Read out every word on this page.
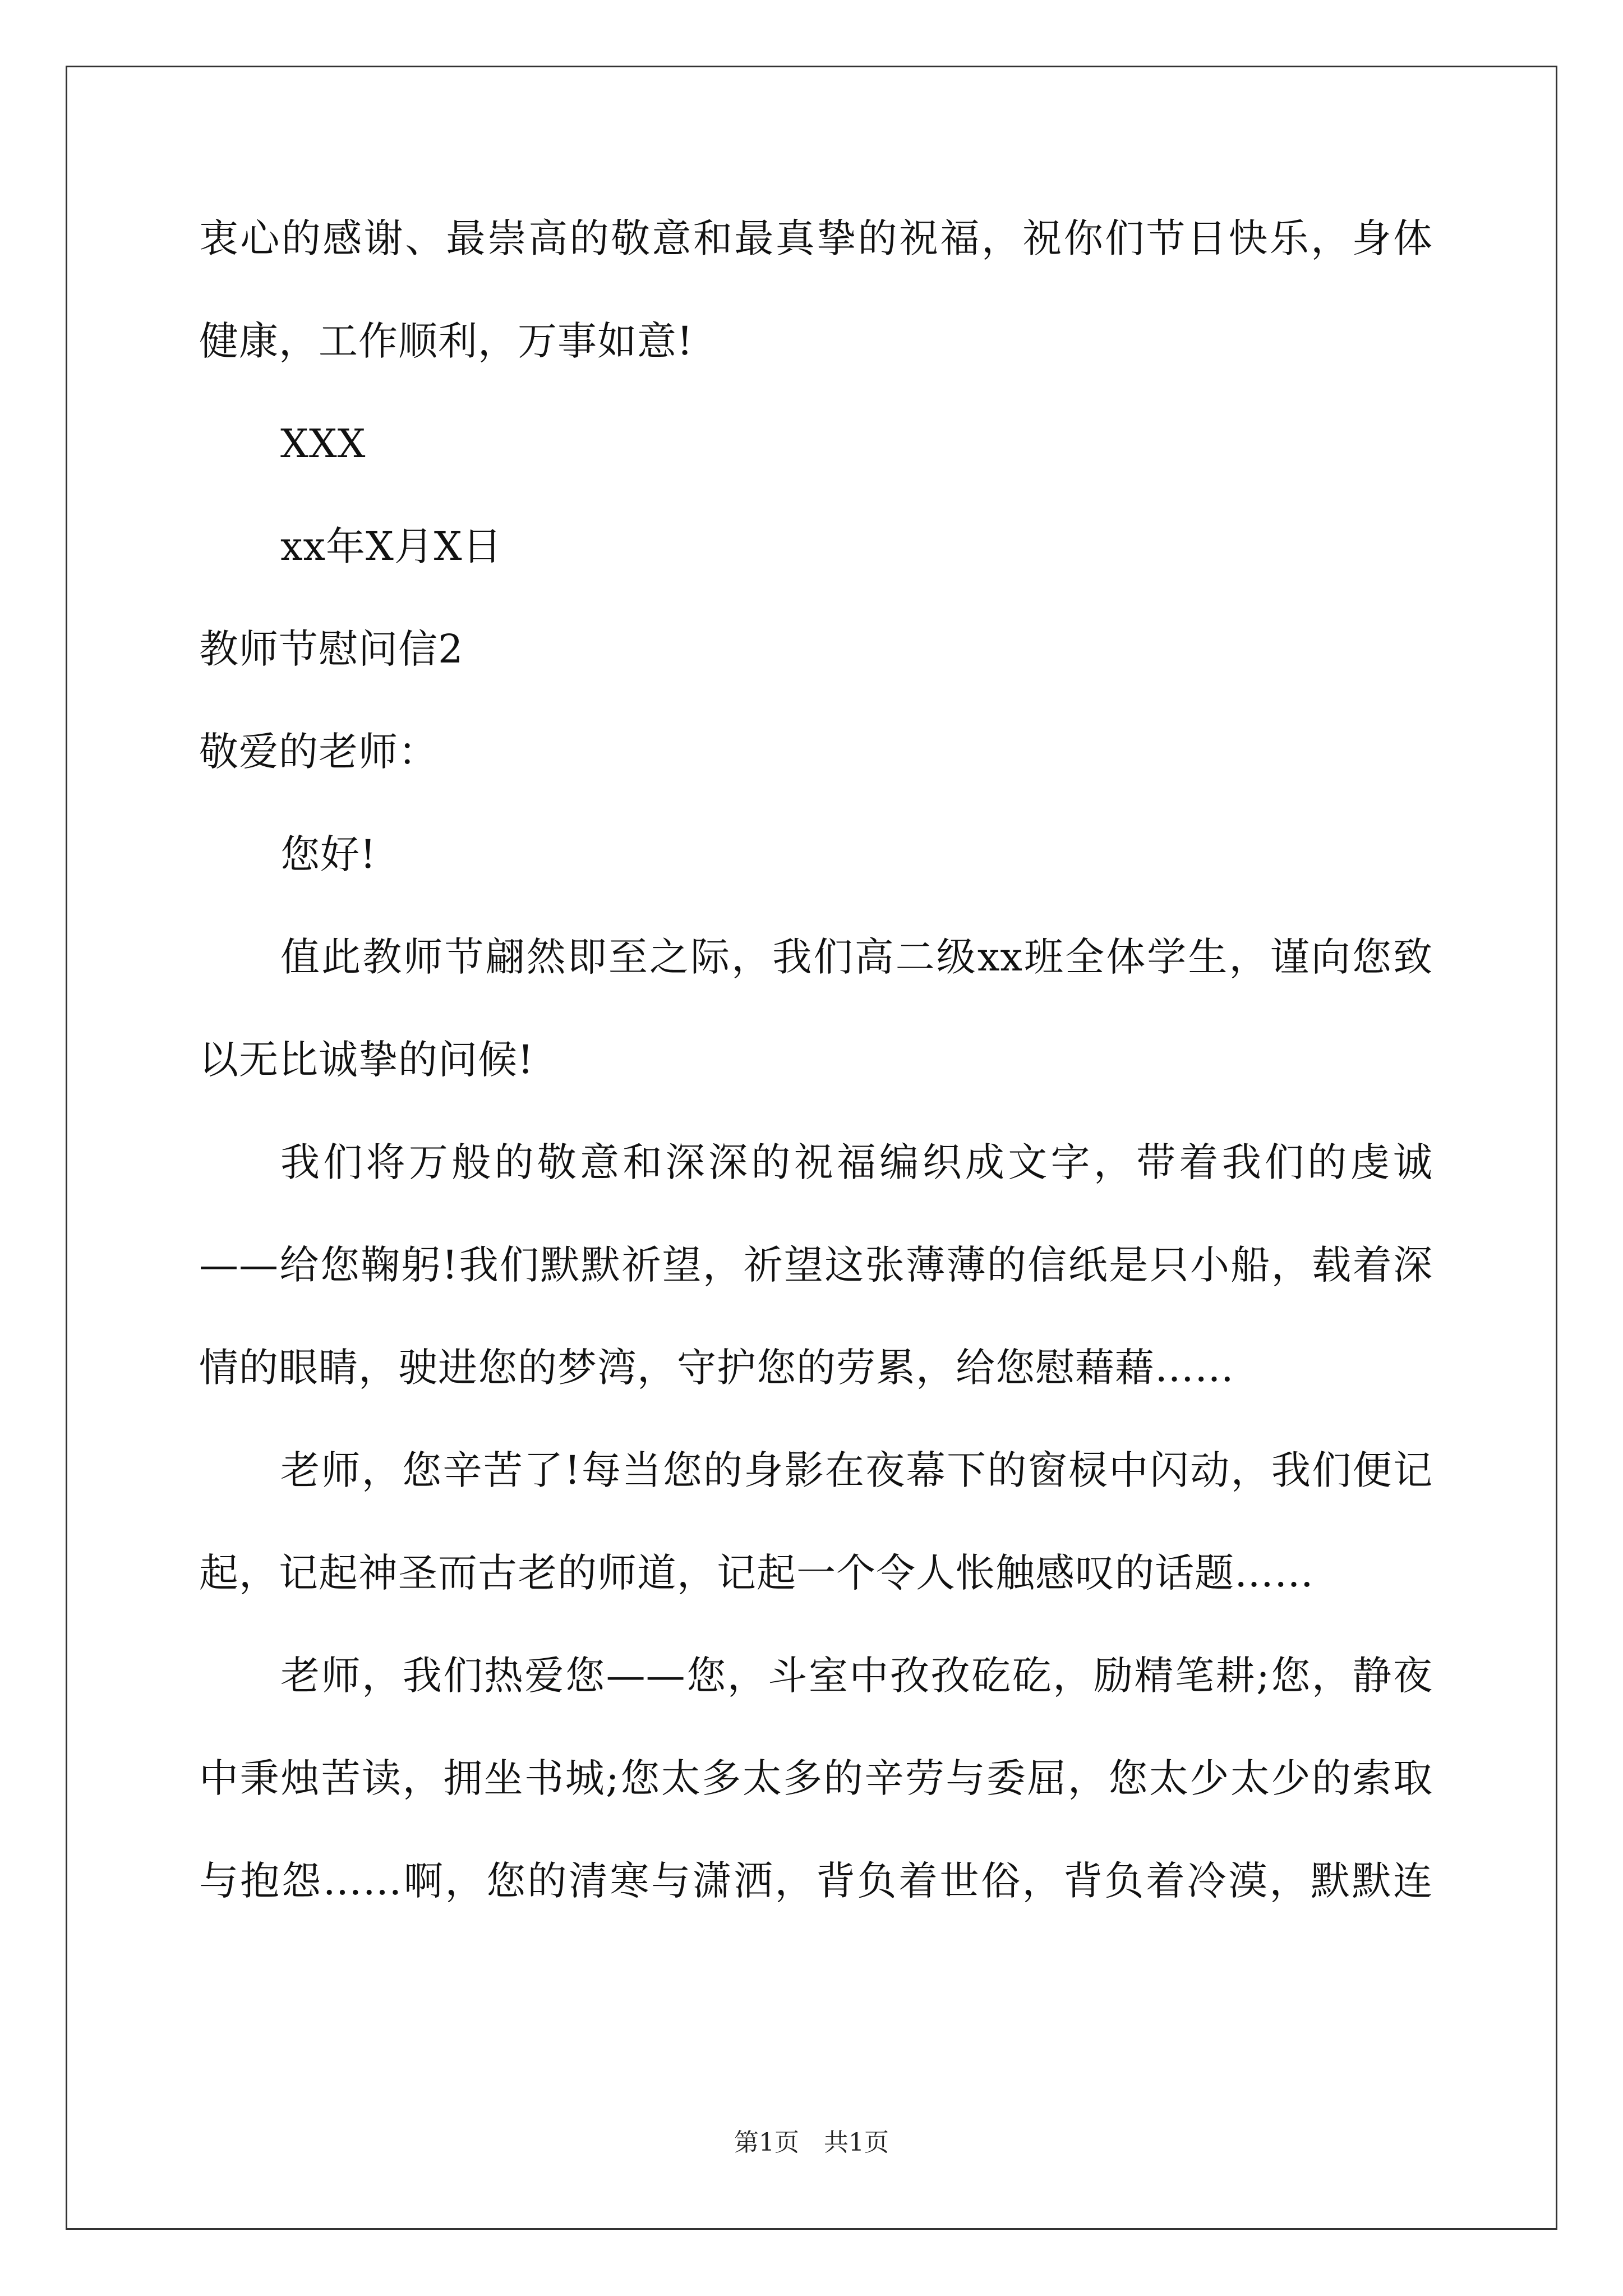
衷心的感谢、最崇高的敬意和最真挚的祝福，祝你们节日快乐，身体
健康，工作顺利，万事如意!
XXX
xx年X月X日
教师节慰问信2
敬爱的老师：
您好!
值此教师节翩然即至之际，我们高二级xx班全体学生，谨向您致
以无比诚挚的问候!
我们将万般的敬意和深深的祝福编织成文字，带着我们的虔诚
——给您鞠躬!我们默默祈望，祈望这张薄薄的信纸是只小船，载着深
情的眼睛，驶进您的梦湾，守护您的劳累，给您慰藉藉……
老师，您辛苦了!每当您的身影在夜幕下的窗棂中闪动，我们便记
起，记起神圣而古老的师道，记起一个令人怅触感叹的话题……
老师，我们热爱您——您，斗室中孜孜矻矻，励精笔耕;您，静夜
中秉烛苦读，拥坐书城;您太多太多的辛劳与委屈，您太少太少的索取
与抱怨……啊，您的清寒与潇洒，背负着世俗，背负着冷漠，默默连
第1页　共1页
